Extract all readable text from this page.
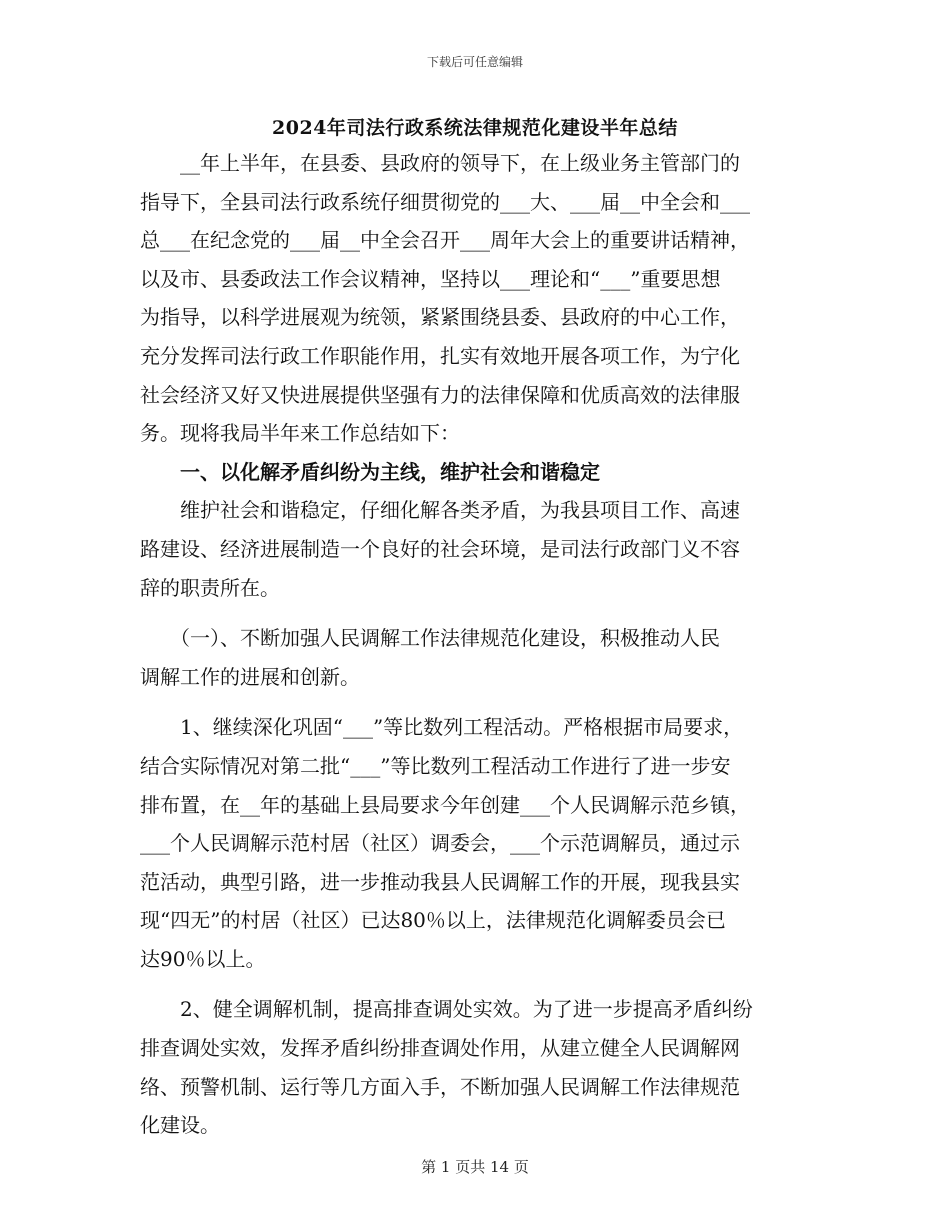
下载后可任意编辑
2024年司法行政系统法律规范化建设半年总结
　　__年上半年，在县委、县政府的领导下，在上级业务主管部门的
指导下，全县司法行政系统仔细贯彻党的___大、___届__中全会和___
总___在纪念党的___届__中全会召开___周年大会上的重要讲话精神，
以及市、县委政法工作会议精神，坚持以___理论和“___”重要思想
为指导，以科学进展观为统领，紧紧围绕县委、县政府的中心工作，
充分发挥司法行政工作职能作用，扎实有效地开展各项工作，为宁化
社会经济又好又快进展提供坚强有力的法律保障和优质高效的法律服
务。现将我局半年来工作总结如下：
　　一、以化解矛盾纠纷为主线，维护社会和谐稳定
　　维护社会和谐稳定，仔细化解各类矛盾，为我县项目工作、高速
路建设、经济进展制造一个良好的社会环境，是司法行政部门义不容
辞的职责所在。
　　（一）、不断加强人民调解工作法律规范化建设，积极推动人民
调解工作的进展和创新。
　　1、继续深化巩固“___”等比数列工程活动。严格根据市局要求，
结合实际情况对第二批“___”等比数列工程活动工作进行了进一步安
排布置，在__年的基础上县局要求今年创建___个人民调解示范乡镇，
___个人民调解示范村居（社区）调委会，___个示范调解员，通过示
范活动，典型引路，进一步推动我县人民调解工作的开展，现我县实
现“四无”的村居（社区）已达80％以上，法律规范化调解委员会已
达90％以上。
　　2、健全调解机制，提高排查调处实效。为了进一步提高矛盾纠纷
排查调处实效，发挥矛盾纠纷排查调处作用，从建立健全人民调解网
络、预警机制、运行等几方面入手，不断加强人民调解工作法律规范
化建设。
第 1 页共 14 页
